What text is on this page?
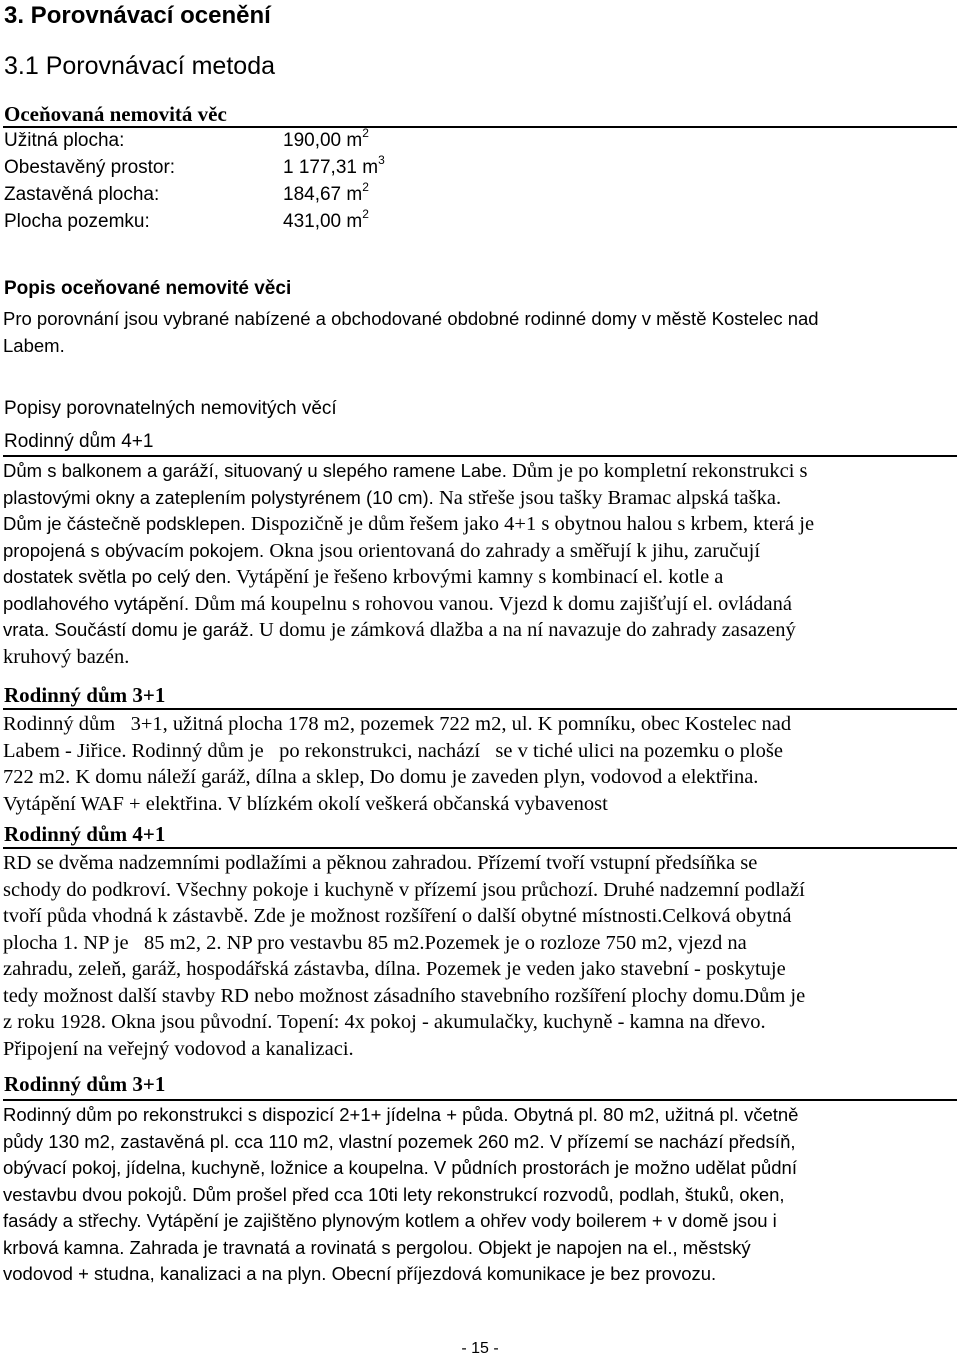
3. Porovnávací ocenění
3.1 Porovnávací metoda
Oceňovaná nemovitá věc
Užitná plocha:	190,00 $m^2$
Obestavěný prostor:	1 177,31 $m^3$
Zastavěná plocha:	184,67 $m^2$
Plocha pozemku:	431,00 $m^2$
Popis oceňované nemovité věci
Pro porovnání jsou vybrané nabízené a obchodované obdobné rodinné domy v městě Kostelec nad
Labem.
Popisy porovnatelných nemovitých věcí
Rodinný dům 4+1
Dům s balkonem a garáží, situovaný u slepého ramene Labe. Dům je po kompletní rekonstrukci s
plastovými okny a zateplením polystyrénem (10 cm). Na střeše jsou tašky Bramac alpská taška.
Dům je částečně podsklepen. Dispozičně je dům řešem jako 4+1 s obytnou halou s krbem, která je
propojená s obývacím pokojem. Okna jsou orientovaná do zahrady a směřují k jihu, zaručují
dostatek světla po celý den. Vytápění je řešeno krbovými kamny s kombinací el. kotle a
podlahového vytápění. Dům má koupelnu s rohovou vanou. Vjezd k domu zajišťují el. ovládaná
vrata. Součástí domu je garáž. U domu je zámková dlažba a na ní navazuje do zahrady zasazený
kruhový bazén.
Rodinný dům 3+1
Rodinný dům   3+1, užitná plocha 178 m2, pozemek 722 m2, ul. K pomníku, obec Kostelec nad
Labem - Jiřice. Rodinný dům je   po rekonstrukci, nachází   se v tiché ulici na pozemku o ploše
722 m2. K domu náleží garáž, dílna a sklep, Do domu je zaveden plyn, vodovod a elektřina.
Vytápění WAF + elektřina. V blízkém okolí veškerá občanská vybavenost
Rodinný dům 4+1
RD se dvěma nadzemními podlažími a pěknou zahradou. Přízemí tvoří vstupní předsíňka se
schody do podkroví. Všechny pokoje i kuchyně v přízemí jsou průchozí. Druhé nadzemní podlaží
tvoří půda vhodná k zástavbě. Zde je možnost rozšíření o další obytné místnosti.Celková obytná
plocha 1. NP je   85 m2, 2. NP pro vestavbu 85 m2.Pozemek je o rozloze 750 m2, vjezd na
zahradu, zeleň, garáž, hospodářská zástavba, dílna. Pozemek je veden jako stavební - poskytuje
tedy možnost další stavby RD nebo možnost zásadního stavebního rozšíření plochy domu.Dům je
z roku 1928. Okna jsou původní. Topení: 4x pokoj - akumulačky, kuchyně - kamna na dřevo.
Připojení na veřejný vodovod a kanalizaci.
Rodinný dům 3+1
Rodinný dům po rekonstrukci s dispozicí 2+1+ jídelna + půda. Obytná pl. 80 m2, užitná pl. včetně
půdy 130 m2, zastavěná pl. cca 110 m2, vlastní pozemek 260 m2. V přízemí se nachází předsíň,
obývací pokoj, jídelna, kuchyně, ložnice a koupelna. V půdních prostorách je možno udělat půdní
vestavbu dvou pokojů. Dům prošel před cca 10ti lety rekonstrukcí rozvodů, podlah, štuků, oken,
fasády a střechy. Vytápění je zajištěno plynovým kotlem a ohřev vody boilerem + v domě jsou i
krbová kamna. Zahrada je travnatá a rovinatá s pergolou. Objekt je napojen na el., městský
vodovod + studna, kanalizaci a na plyn. Obecní příjezdová komunikace je bez provozu.
- 15 -
